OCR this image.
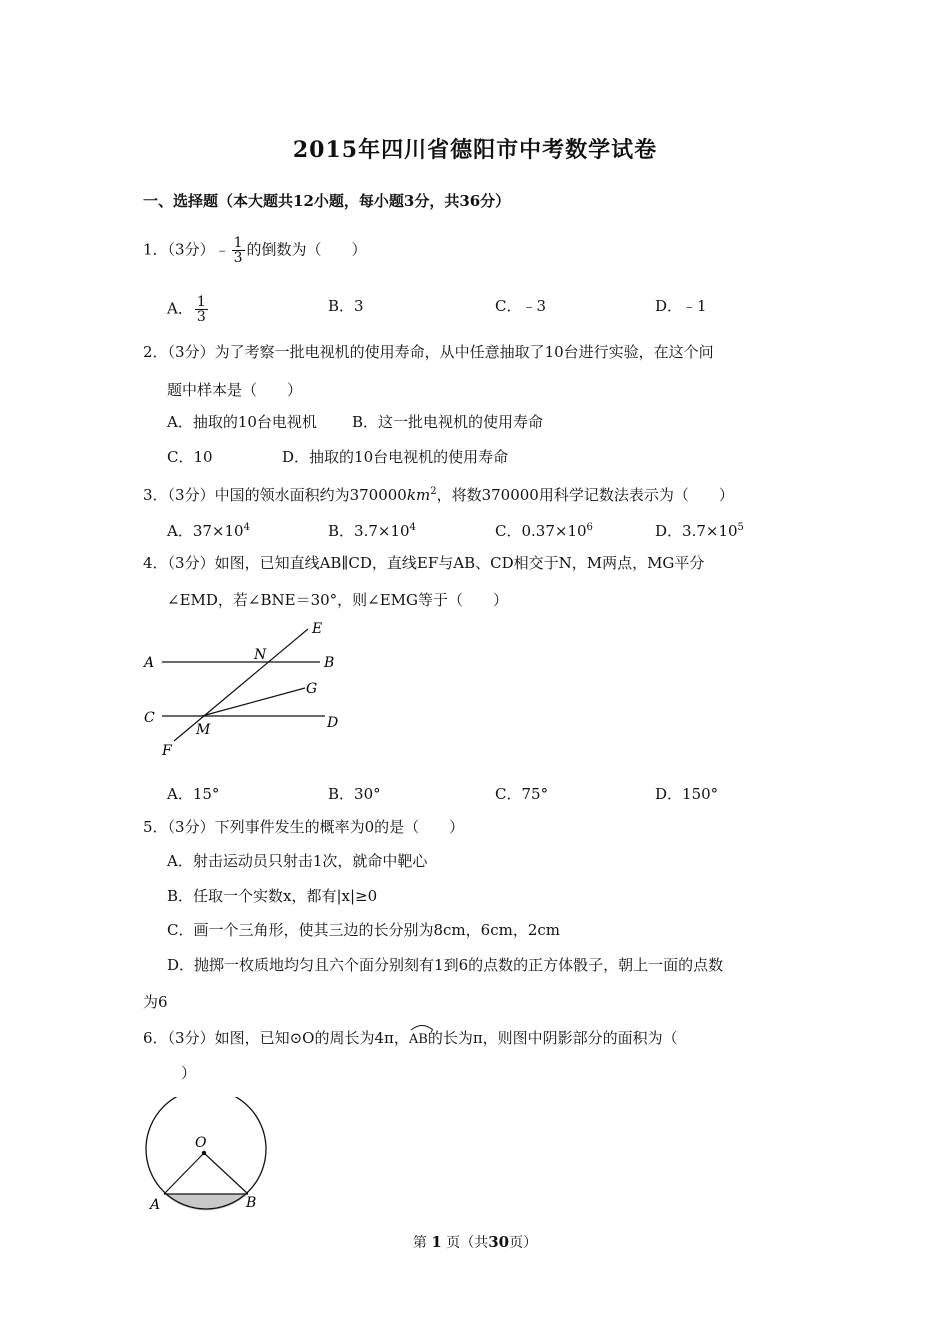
2015年四川省德阳市中考数学试卷
一、选择题（本大题共12小题，每小题3分，共36分）
1．（3分）﹣ $\frac{1}{3}$ 的倒数为（　　）
A． $\frac{1}{3}$	B．3	C．﹣3	D．﹣1
2．（3分）为了考察一批电视机的使用寿命，从中任意抽取了10台进行实验，在这个问
题中样本是（　　）
A．抽取的10台电视机 B．这一批电视机的使用寿命
C．10	D．抽取的10台电视机的使用寿命
3．（3分）中国的领水面积约为$370000km^2$，将数370000用科学记数法表示为（　　）
A．$37\times 10^4$	B．$3.7\times 10^4$	C．$0.37\times 10^6$	D．$3.7\times 10^5$
4．（3分）如图，已知直线AB∥CD，直线EF与AB、CD相交于N，M两点，MG平分
∠EMD，若∠BNE＝30°，则∠EMG等于（　　）
A	B
C	D
E
F
G
N
M
A．15°	B．30°	C．75°	D．150°
5．（3分）下列事件发生的概率为0的是（　　）
A．射击运动员只射击1次，就命中靶心
B．任取一个实数x，都有|x|≥0
C．画一个三角形，使其三边的长分别为8cm，6cm，2cm
D．抛掷一枚质地均匀且六个面分别刻有1到6的点数的正方体骰子，朝上一面的点数
为6
6．（3分）如图，已知⊙O的周长为4π，
AB的长为π，则图中阴影部分的面积为（
）
O
A	B
第 1 页（共30页）
